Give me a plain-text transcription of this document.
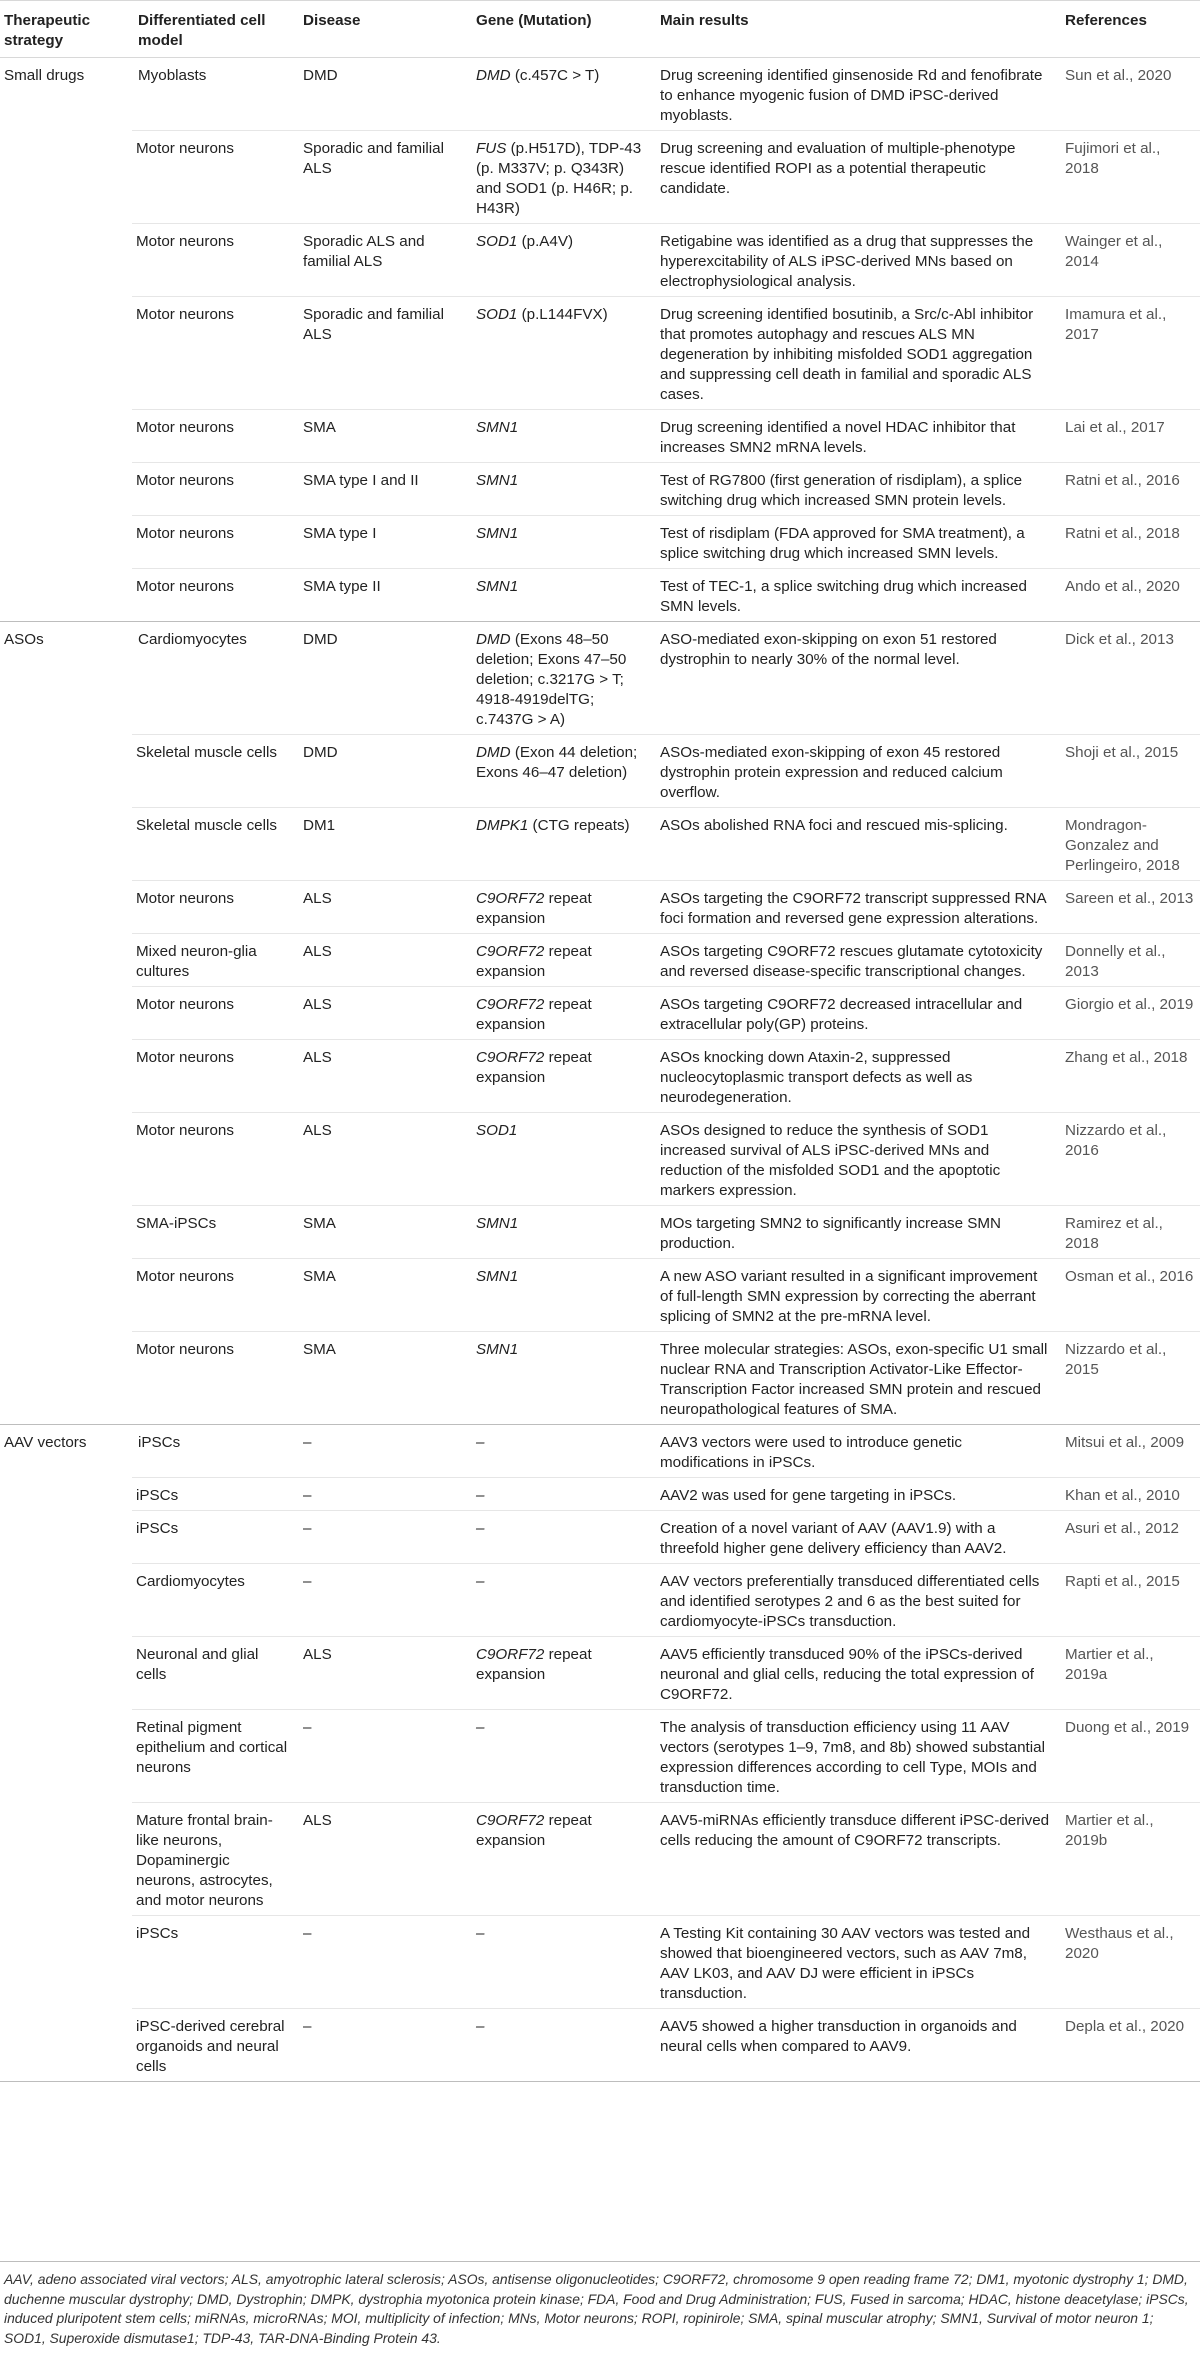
Therapeutic strategy	Differentiated cell model	Disease	Gene (Mutation)	Main results	References
Small drugs	Myoblasts	DMD	DMD (c.457C > T)	Drug screening identified ginsenoside Rd and fenofibrate to enhance myogenic fusion of DMD iPSC-derived myoblasts.	Sun et al., 2020
	Motor neurons	Sporadic and familial ALS	FUS (p.H517D), TDP-43 (p. M337V; p. Q343R) and SOD1 (p. H46R; p. H43R)	Drug screening and evaluation of multiple-phenotype rescue identified ROPI as a potential therapeutic candidate.	Fujimori et al., 2018
	Motor neurons	Sporadic ALS and familial ALS	SOD1 (p.A4V)	Retigabine was identified as a drug that suppresses the hyperexcitability of ALS iPSC-derived MNs based on electrophysiological analysis.	Wainger et al., 2014
	Motor neurons	Sporadic and familial ALS	SOD1 (p.L144FVX)	Drug screening identified bosutinib, a Src/c-Abl inhibitor that promotes autophagy and rescues ALS MN degeneration by inhibiting misfolded SOD1 aggregation and suppressing cell death in familial and sporadic ALS cases.	Imamura et al., 2017
	Motor neurons	SMA	SMN1	Drug screening identified a novel HDAC inhibitor that increases SMN2 mRNA levels.	Lai et al., 2017
	Motor neurons	SMA type I and II	SMN1	Test of RG7800 (first generation of risdiplam), a splice switching drug which increased SMN protein levels.	Ratni et al., 2016
	Motor neurons	SMA type I	SMN1	Test of risdiplam (FDA approved for SMA treatment), a splice switching drug which increased SMN levels.	Ratni et al., 2018
	Motor neurons	SMA type II	SMN1	Test of TEC-1, a splice switching drug which increased SMN levels.	Ando et al., 2020
ASOs	Cardiomyocytes	DMD	DMD (Exons 48–50 deletion; Exons 47–50 deletion; c.3217G > T; 4918-4919delTG; c.7437G > A)	ASO-mediated exon-skipping on exon 51 restored dystrophin to nearly 30% of the normal level.	Dick et al., 2013
	Skeletal muscle cells	DMD	DMD (Exon 44 deletion; Exons 46–47 deletion)	ASOs-mediated exon-skipping of exon 45 restored dystrophin protein expression and reduced calcium overflow.	Shoji et al., 2015
	Skeletal muscle cells	DM1	DMPK1 (CTG repeats)	ASOs abolished RNA foci and rescued mis-splicing.	Mondragon-Gonzalez and Perlingeiro, 2018
	Motor neurons	ALS	C9ORF72 repeat expansion	ASOs targeting the C9ORF72 transcript suppressed RNA foci formation and reversed gene expression alterations.	Sareen et al., 2013
	Mixed neuron-glia cultures	ALS	C9ORF72 repeat expansion	ASOs targeting C9ORF72 rescues glutamate cytotoxicity and reversed disease-specific transcriptional changes.	Donnelly et al., 2013
	Motor neurons	ALS	C9ORF72 repeat expansion	ASOs targeting C9ORF72 decreased intracellular and extracellular poly(GP) proteins.	Giorgio et al., 2019
	Motor neurons	ALS	C9ORF72 repeat expansion	ASOs knocking down Ataxin-2, suppressed nucleocytoplasmic transport defects as well as neurodegeneration.	Zhang et al., 2018
	Motor neurons	ALS	SOD1	ASOs designed to reduce the synthesis of SOD1 increased survival of ALS iPSC-derived MNs and reduction of the misfolded SOD1 and the apoptotic markers expression.	Nizzardo et al., 2016
	SMA-iPSCs	SMA	SMN1	MOs targeting SMN2 to significantly increase SMN production.	Ramirez et al., 2018
	Motor neurons	SMA	SMN1	A new ASO variant resulted in a significant improvement of full-length SMN expression by correcting the aberrant splicing of SMN2 at the pre-mRNA level.	Osman et al., 2016
	Motor neurons	SMA	SMN1	Three molecular strategies: ASOs, exon-specific U1 small nuclear RNA and Transcription Activator-Like Effector-Transcription Factor increased SMN protein and rescued neuropathological features of SMA.	Nizzardo et al., 2015
AAV vectors	iPSCs	–	–	AAV3 vectors were used to introduce genetic modifications in iPSCs.	Mitsui et al., 2009
	iPSCs	–	–	AAV2 was used for gene targeting in iPSCs.	Khan et al., 2010
	iPSCs	–	–	Creation of a novel variant of AAV (AAV1.9) with a threefold higher gene delivery efficiency than AAV2.	Asuri et al., 2012
	Cardiomyocytes	–	–	AAV vectors preferentially transduced differentiated cells and identified serotypes 2 and 6 as the best suited for cardiomyocyte-iPSCs transduction.	Rapti et al., 2015
	Neuronal and glial cells	ALS	C9ORF72 repeat expansion	AAV5 efficiently transduced 90% of the iPSCs-derived neuronal and glial cells, reducing the total expression of C9ORF72.	Martier et al., 2019a
	Retinal pigment epithelium and cortical neurons	–	–	The analysis of transduction efficiency using 11 AAV vectors (serotypes 1–9, 7m8, and 8b) showed substantial expression differences according to cell Type, MOIs and transduction time.	Duong et al., 2019
	Mature frontal brain-like neurons, Dopaminergic neurons, astrocytes, and motor neurons	ALS	C9ORF72 repeat expansion	AAV5-miRNAs efficiently transduce different iPSC-derived cells reducing the amount of C9ORF72 transcripts.	Martier et al., 2019b
	iPSCs	–	–	A Testing Kit containing 30 AAV vectors was tested and showed that bioengineered vectors, such as AAV 7m8, AAV LK03, and AAV DJ were efficient in iPSCs transduction.	Westhaus et al., 2020
	iPSC-derived cerebral organoids and neural cells	–	–	AAV5 showed a higher transduction in organoids and neural cells when compared to AAV9.	Depla et al., 2020
AAV, adeno associated viral vectors; ALS, amyotrophic lateral sclerosis; ASOs, antisense oligonucleotides; C9ORF72, chromosome 9 open reading frame 72; DM1, myotonic dystrophy 1; DMD, duchenne muscular dystrophy; DMD, Dystrophin; DMPK, dystrophia myotonica protein kinase; FDA, Food and Drug Administration; FUS, Fused in sarcoma; HDAC, histone deacetylase; iPSCs, induced pluripotent stem cells; miRNAs, microRNAs; MOI, multiplicity of infection; MNs, Motor neurons; ROPI, ropinirole; SMA, spinal muscular atrophy; SMN1, Survival of motor neuron 1; SOD1, Superoxide dismutase1; TDP-43, TAR-DNA-Binding Protein 43.
